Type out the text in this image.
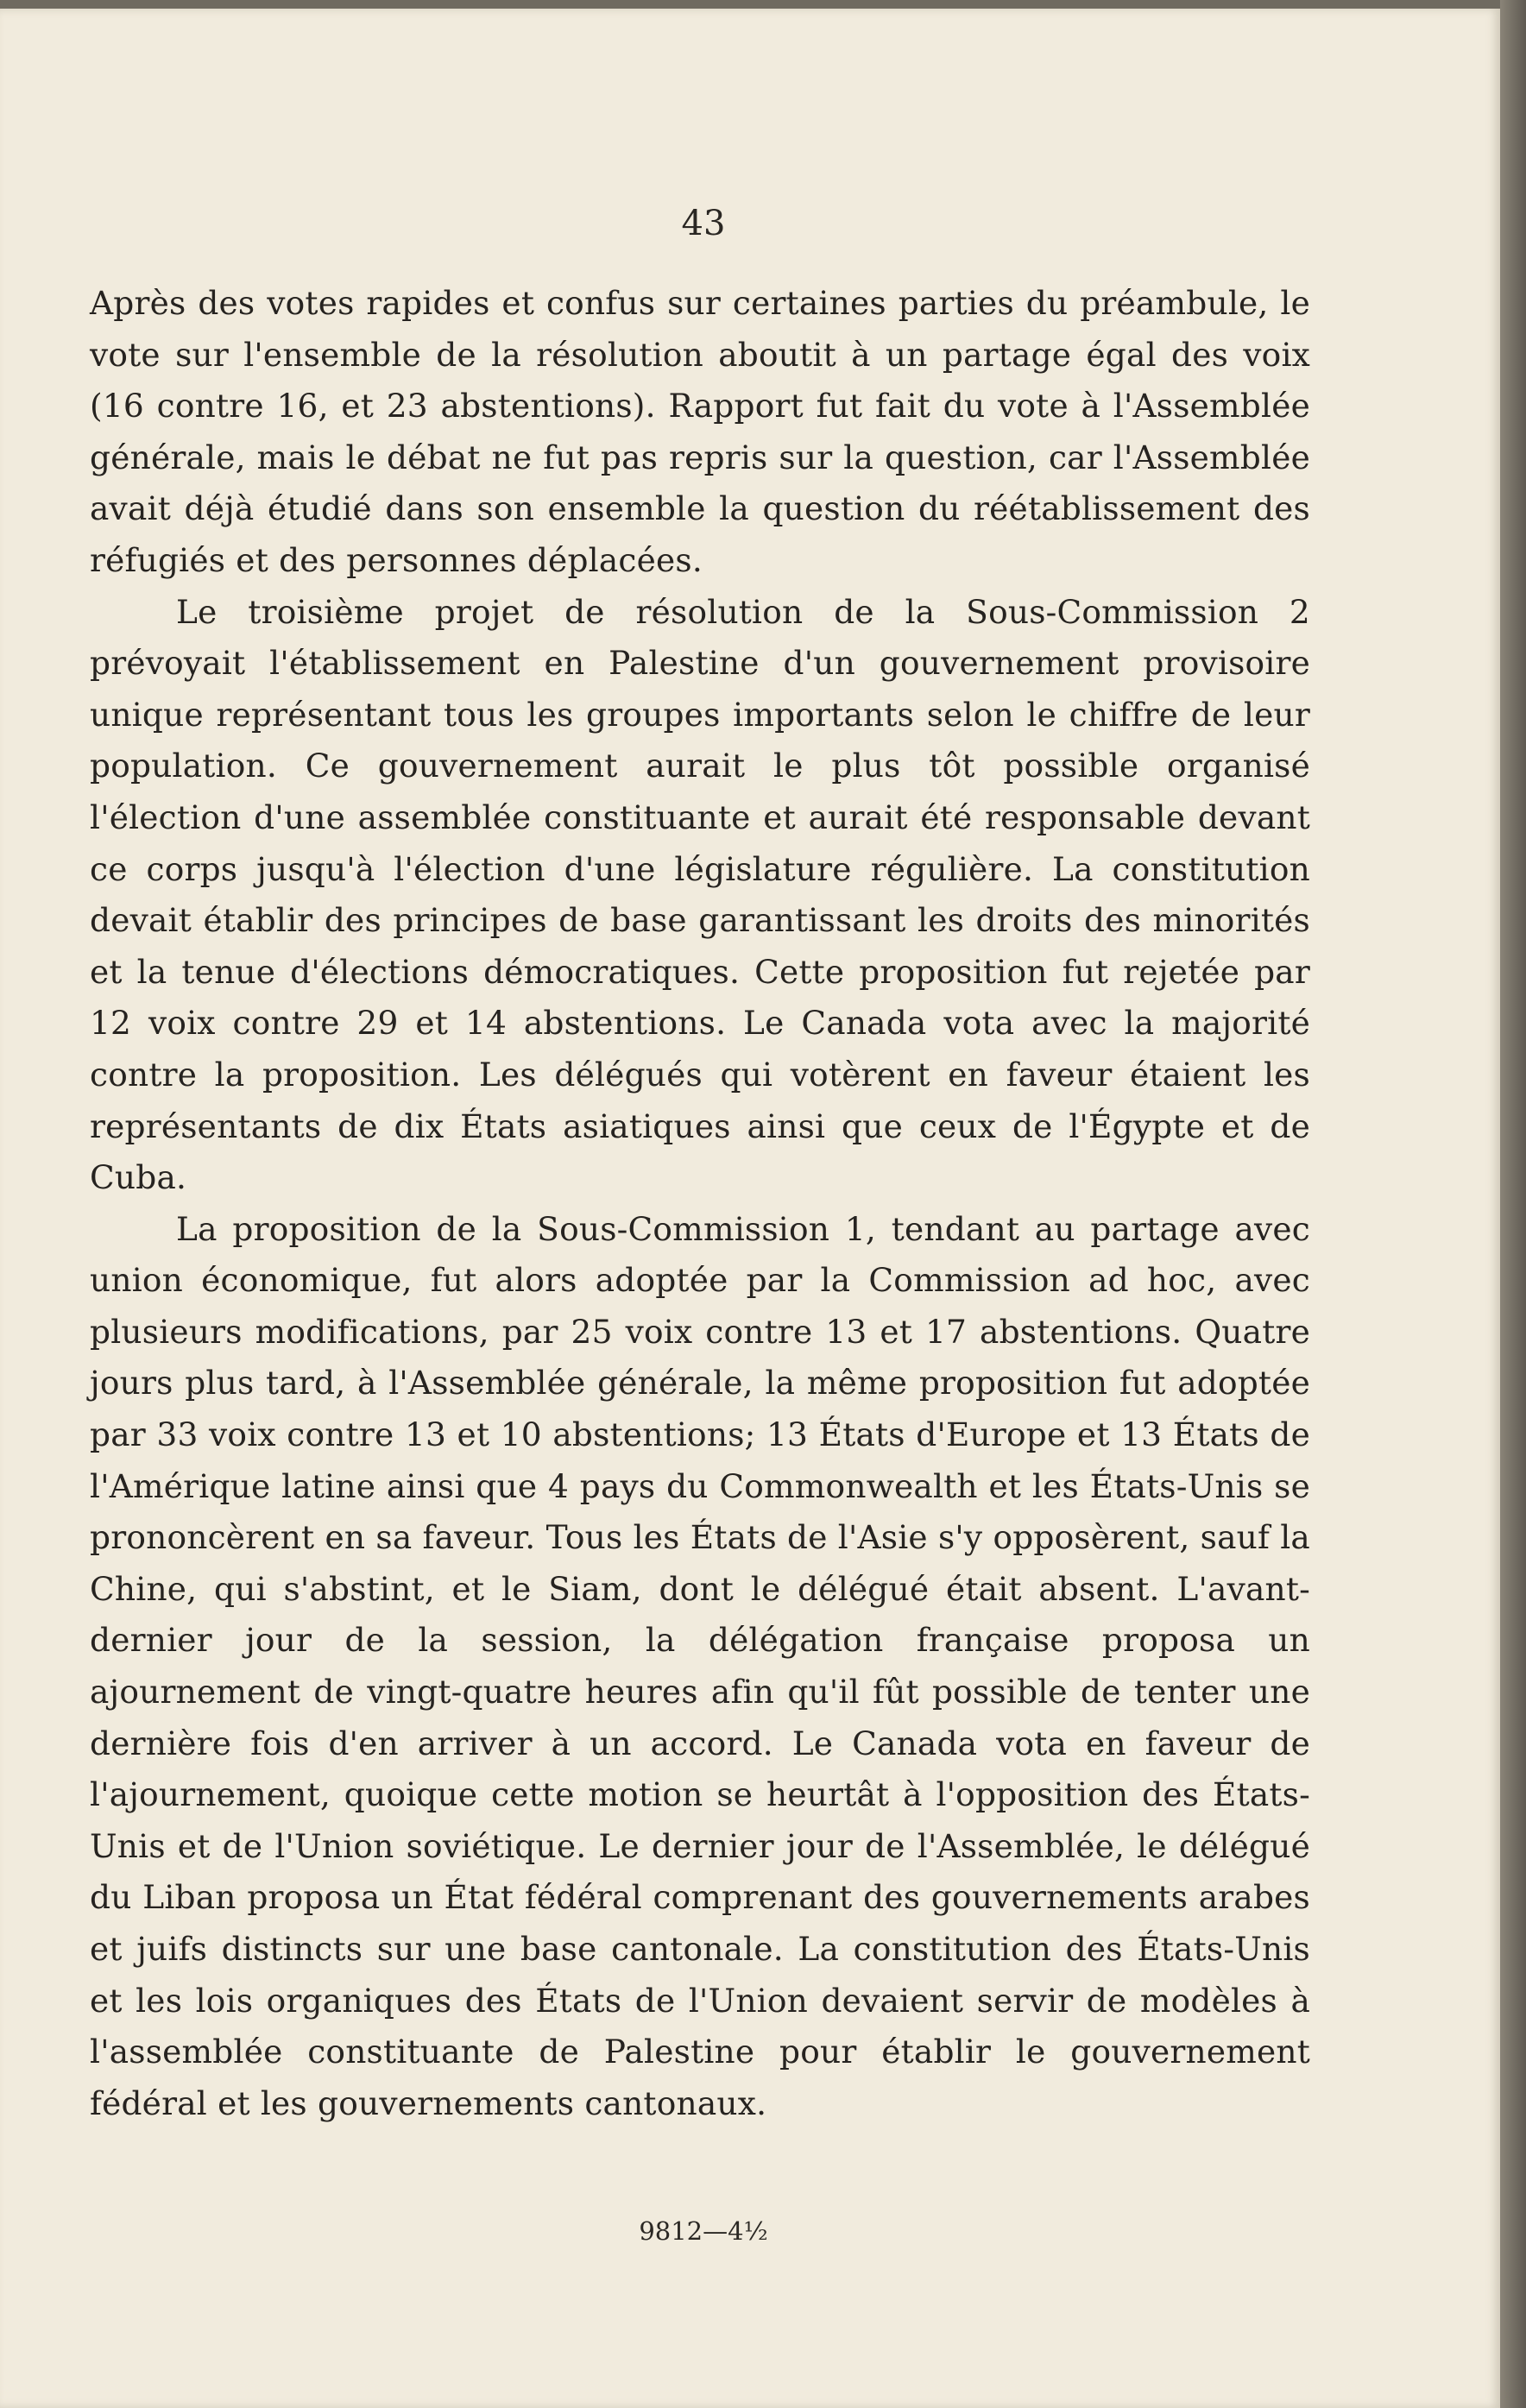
43

Après des votes rapides et confus sur certaines parties du préambule, le vote sur l'ensemble de la résolution aboutit à un partage égal des voix (16 contre 16, et 23 abstentions). Rapport fut fait du vote à l'Assemblée générale, mais le débat ne fut pas repris sur la question, car l'Assemblée avait déjà étudié dans son ensemble la question du réétablissement des réfugiés et des personnes déplacées.

Le troisième projet de résolution de la Sous-Commission 2 prévoyait l'établissement en Palestine d'un gouvernement provisoire unique représentant tous les groupes importants selon le chiffre de leur population. Ce gouvernement aurait le plus tôt possible organisé l'élection d'une assemblée constituante et aurait été responsable devant ce corps jusqu'à l'élection d'une législature régulière. La constitution devait établir des principes de base garantissant les droits des minorités et la tenue d'élections démocratiques. Cette proposition fut rejetée par 12 voix contre 29 et 14 abstentions. Le Canada vota avec la majorité contre la proposition. Les délégués qui votèrent en faveur étaient les représentants de dix États asiatiques ainsi que ceux de l'Égypte et de Cuba.

La proposition de la Sous-Commission 1, tendant au partage avec union économique, fut alors adoptée par la Commission ad hoc, avec plusieurs modifications, par 25 voix contre 13 et 17 abstentions. Quatre jours plus tard, à l'Assemblée générale, la même proposition fut adoptée par 33 voix contre 13 et 10 abstentions; 13 États d'Europe et 13 États de l'Amérique latine ainsi que 4 pays du Commonwealth et les États-Unis se prononcèrent en sa faveur. Tous les États de l'Asie s'y opposèrent, sauf la Chine, qui s'abstint, et le Siam, dont le délégué était absent. L'avant-dernier jour de la session, la délégation française proposa un ajournement de vingt-quatre heures afin qu'il fût possible de tenter une dernière fois d'en arriver à un accord. Le Canada vota en faveur de l'ajournement, quoique cette motion se heurtât à l'opposition des États-Unis et de l'Union soviétique. Le dernier jour de l'Assemblée, le délégué du Liban proposa un État fédéral comprenant des gouvernements arabes et juifs distincts sur une base cantonale. La constitution des États-Unis et les lois organiques des États de l'Union devaient servir de modèles à l'assemblée constituante de Palestine pour établir le gouvernement fédéral et les gouvernements cantonaux.

9812—4½
